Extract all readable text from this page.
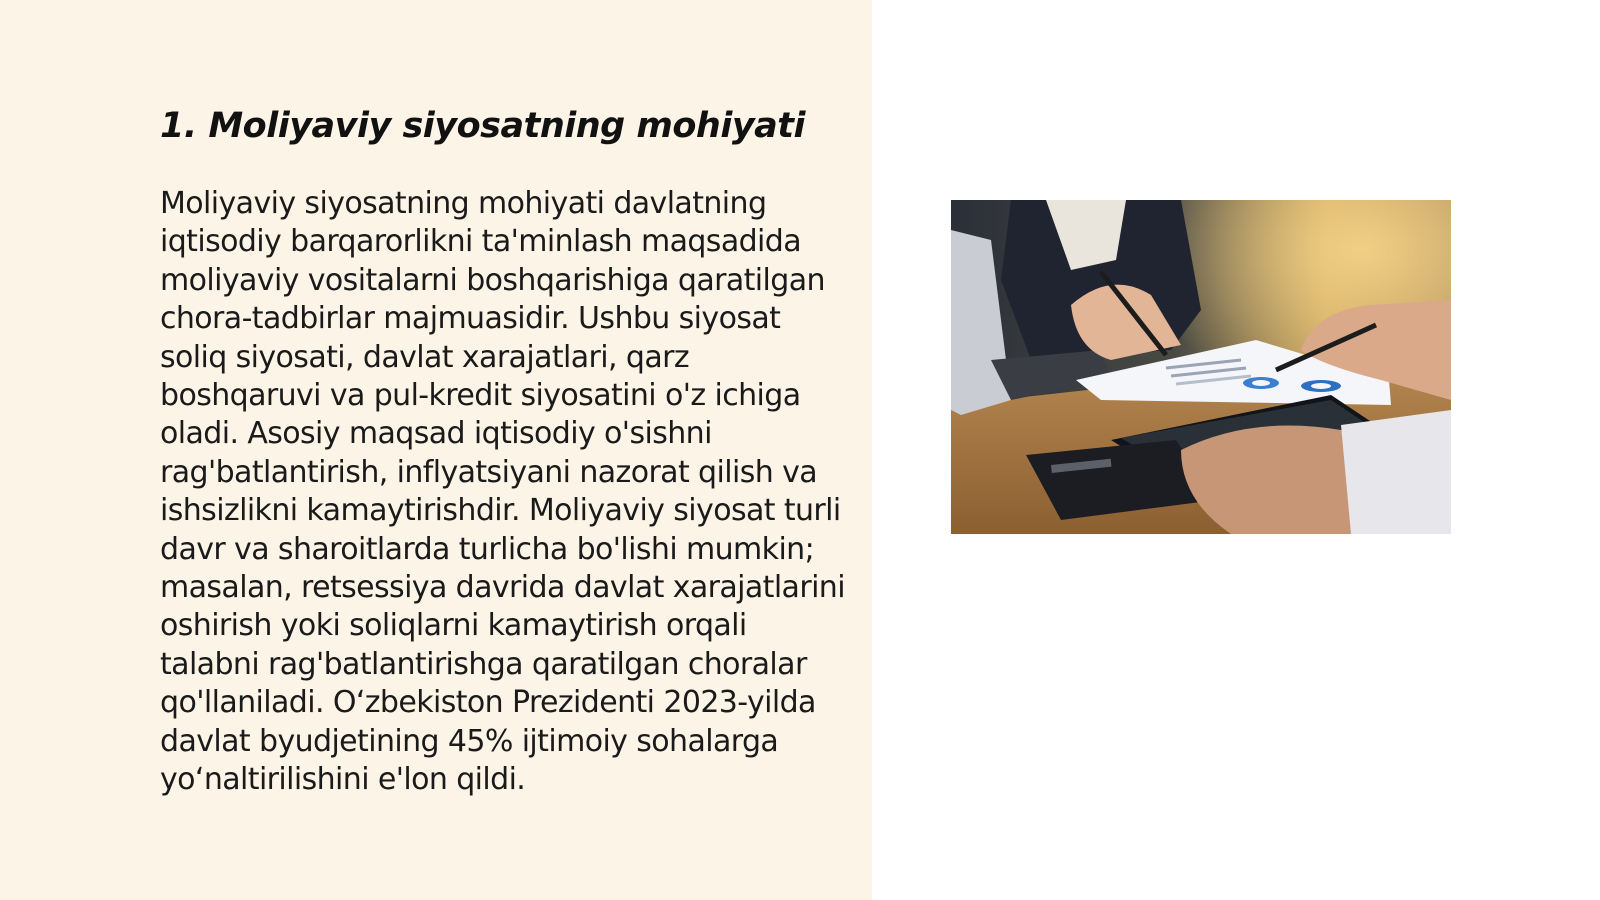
1. Moliyaviy siyosatning mohiyati

Moliyaviy siyosatning mohiyati davlatning iqtisodiy barqarorlikni ta'minlash maqsadida moliyaviy vositalarni boshqarishiga qaratilgan chora-tadbirlar majmuasidir. Ushbu siyosat soliq siyosati, davlat xarajatlari, qarz boshqaruvi va pul-kredit siyosatini o'z ichiga oladi. Asosiy maqsad iqtisodiy o'sishni rag'batlantirish, inflyatsiyani nazorat qilish va ishsizlikni kamaytirishdir. Moliyaviy siyosat turli davr va sharoitlarda turlicha bo'lishi mumkin; masalan, retsessiya davrida davlat xarajatlarini oshirish yoki soliqlarni kamaytirish orqali talabni rag'batlantirishga qaratilgan choralar qo'llaniladi. O‘zbekiston Prezidenti 2023-yilda davlat byudjetining 45% ijtimoiy sohalarga yo‘naltirilishini e'lon qildi.
